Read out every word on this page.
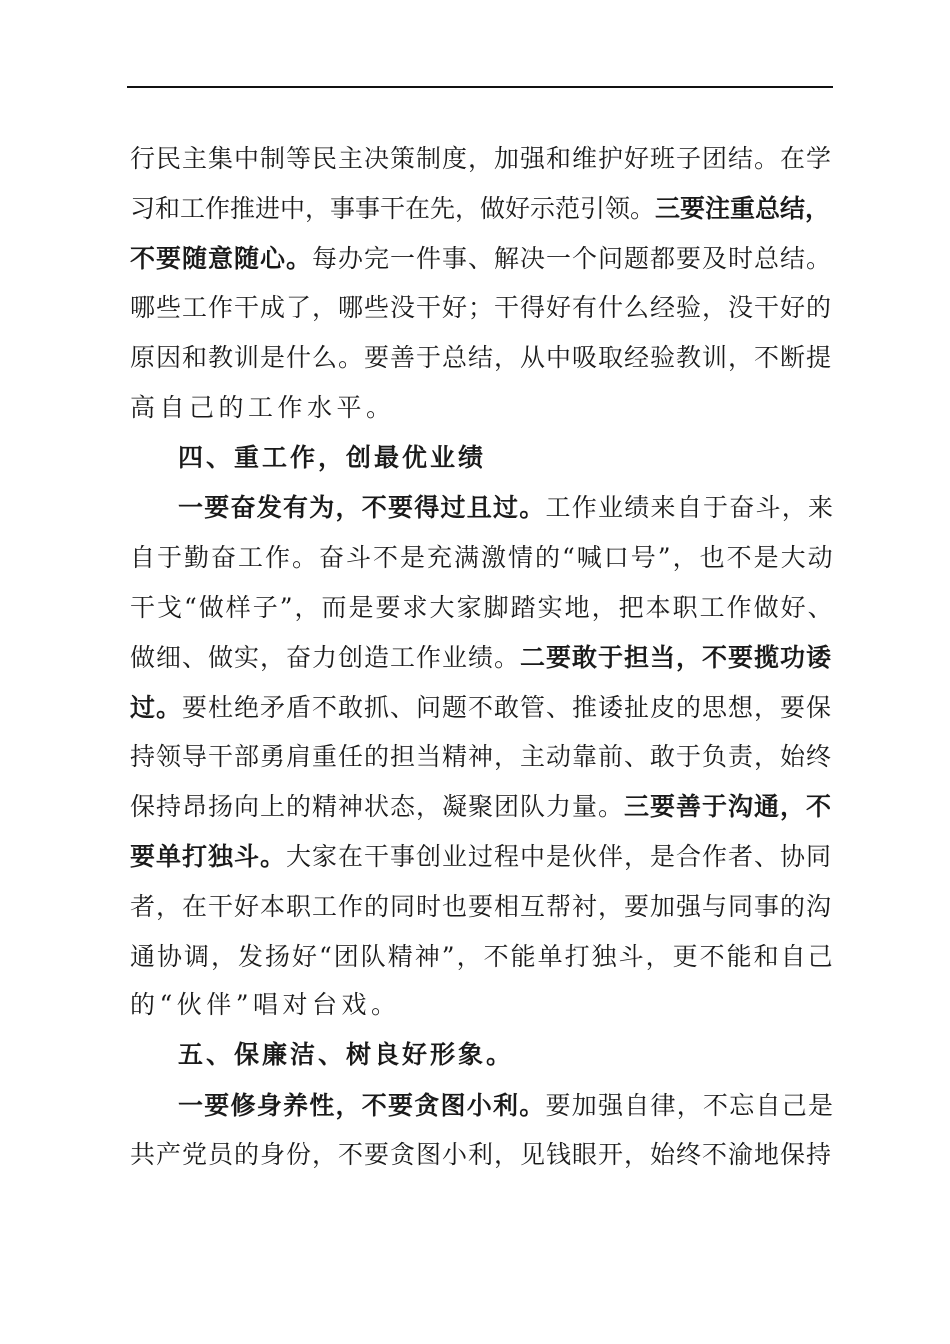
行民主集中制等民主决策制度，加强和维护好班子团结。在学
习和工作推进中，事事干在先，做好示范引领。三要注重总结，
不要随意随心。每办完一件事、解决一个问题都要及时总结。
哪些工作干成了，哪些没干好；干得好有什么经验，没干好的
原因和教训是什么。要善于总结，从中吸取经验教训，不断提
高自己的工作水平。
四、重工作，创最优业绩
一要奋发有为，不要得过且过。工作业绩来自于奋斗，来
自于勤奋工作。奋斗不是充满激情的“喊口号”，也不是大动
干戈“做样子”，而是要求大家脚踏实地，把本职工作做好、
做细、做实，奋力创造工作业绩。二要敢于担当，不要揽功诿
过。要杜绝矛盾不敢抓、问题不敢管、推诿扯皮的思想，要保
持领导干部勇肩重任的担当精神，主动靠前、敢于负责，始终
保持昂扬向上的精神状态，凝聚团队力量。三要善于沟通，不
要单打独斗。大家在干事创业过程中是伙伴，是合作者、协同
者，在干好本职工作的同时也要相互帮衬，要加强与同事的沟
通协调，发扬好“团队精神”，不能单打独斗，更不能和自己
的“伙伴”唱对台戏。
五、保廉洁、树良好形象。
一要修身养性，不要贪图小利。要加强自律，不忘自己是
共产党员的身份，不要贪图小利，见钱眼开，始终不渝地保持
